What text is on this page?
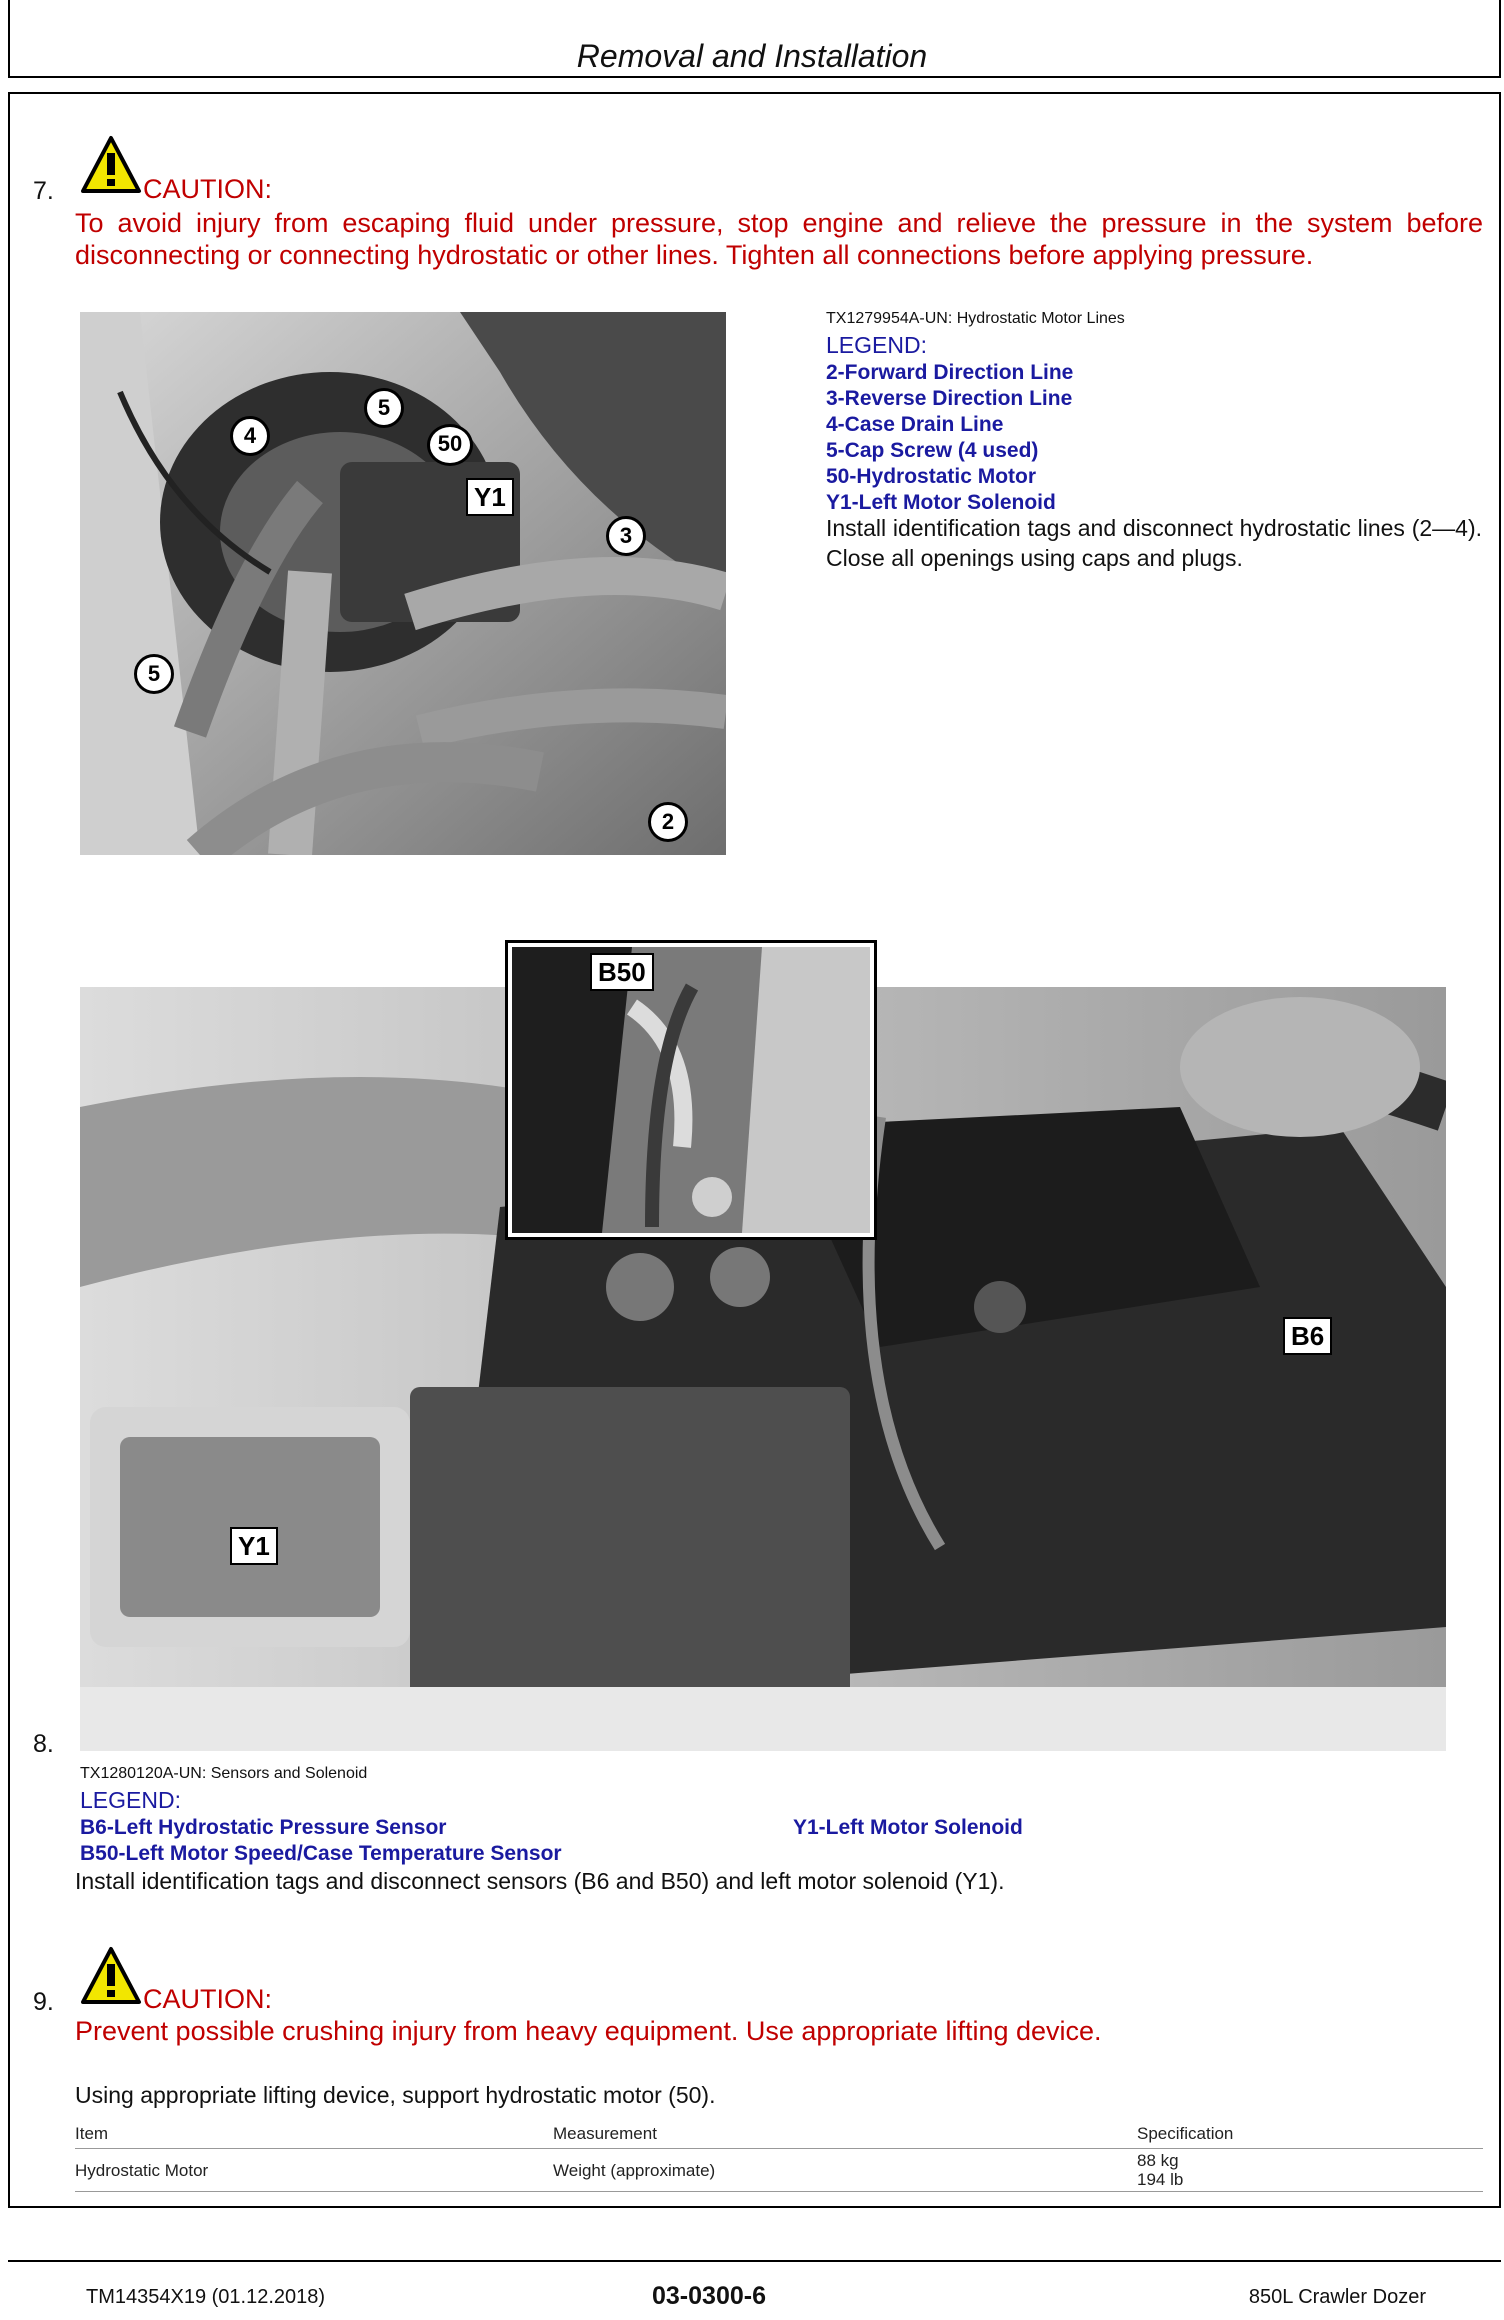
Removal and Installation
7.	CAUTION:
To avoid injury from escaping fluid under pressure, stop engine and relieve the pressure in the system before disconnecting or connecting hydrostatic or other lines. Tighten all connections before applying pressure.
5
4	50
Y1
3
5
2
TX1279954A-UN: Hydrostatic Motor Lines
LEGEND:
2-Forward Direction Line
3-Reverse Direction Line
4-Case Drain Line
5-Cap Screw (4 used)
50-Hydrostatic Motor
Y1-Left Motor Solenoid
Install identification tags and disconnect hydrostatic lines (2—4). Close all openings using caps and plugs.
B6
Y1
B50
8.
TX1280120A-UN: Sensors and Solenoid
LEGEND:
B6-Left Hydrostatic Pressure Sensor
B50-Left Motor Speed/Case Temperature Sensor
Y1-Left Motor Solenoid
Install identification tags and disconnect sensors (B6 and B50) and left motor solenoid (Y1).
9.	CAUTION:
Prevent possible crushing injury from heavy equipment. Use appropriate lifting device.
Using appropriate lifting device, support hydrostatic motor (50).
Item	Measurement	Specification
Hydrostatic Motor	Weight (approximate)
88 kg
194 lb
TM14354X19 (01.12.2018)	03-0300-6	850L Crawler Dozer
